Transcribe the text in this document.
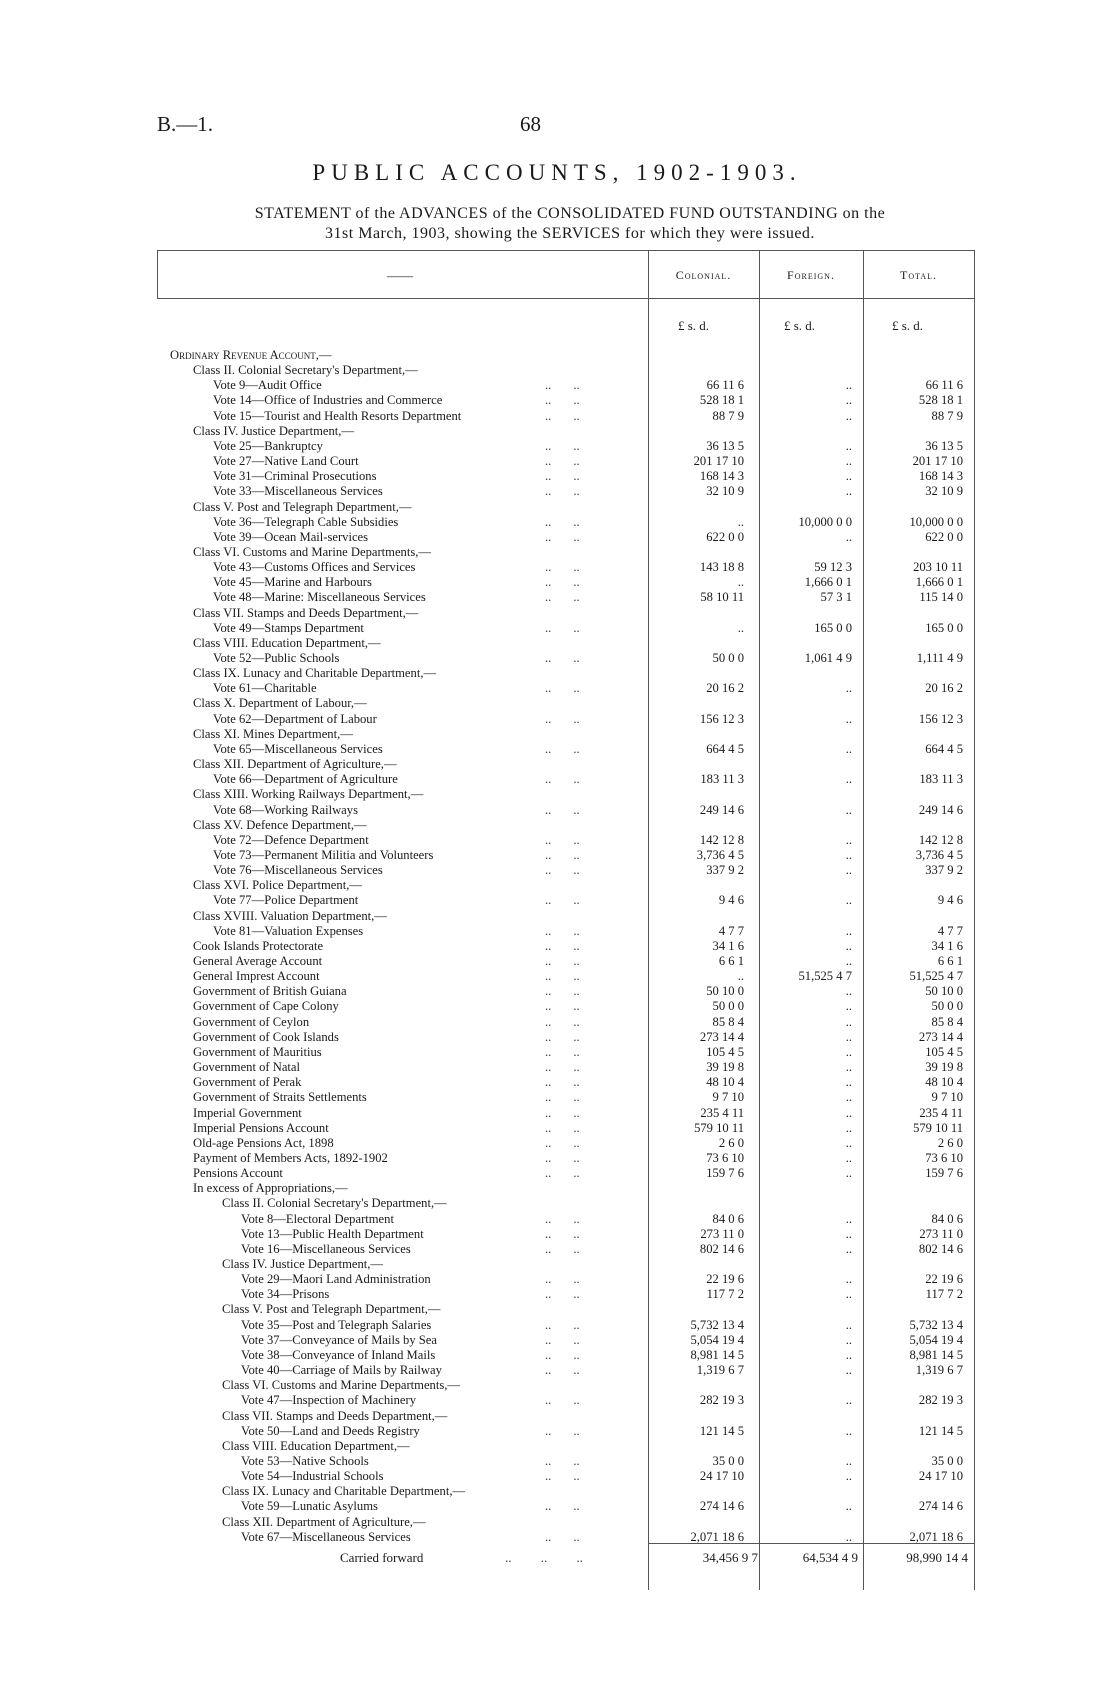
B.—1.	68
PUBLIC ACCOUNTS, 1902-1903.
STATEMENT of the ADVANCES of the CONSOLIDATED FUND OUTSTANDING on the
31st March, 1903, showing the SERVICES for which they were issued.
——	Colonial.	Foreign.	Total.
£ s. d.	£ s. d.	£ s. d.
Ordinary Revenue Account,—
Class II. Colonial Secretary's Department,—
Vote 9—Audit Office	..       ..	66 11 6	..	66 11 6
Vote 14—Office of Industries and Commerce	..       ..	528 18 1	..	528 18 1
Vote 15—Tourist and Health Resorts Department	..       ..	88 7 9	..	88 7 9
Class IV. Justice Department,—
Vote 25—Bankruptcy	..       ..	36 13 5	..	36 13 5
Vote 27—Native Land Court	..       ..	201 17 10	..	201 17 10
Vote 31—Criminal Prosecutions	..       ..	168 14 3	..	168 14 3
Vote 33—Miscellaneous Services	..       ..	32 10 9	..	32 10 9
Class V. Post and Telegraph Department,—
Vote 36—Telegraph Cable Subsidies	..       ..	..	10,000 0 0	10,000 0 0
Vote 39—Ocean Mail-services	..       ..	622 0 0	..	622 0 0
Class VI. Customs and Marine Departments,—
Vote 43—Customs Offices and Services	..       ..	143 18 8	59 12 3	203 10 11
Vote 45—Marine and Harbours	..       ..	..	1,666 0 1	1,666 0 1
Vote 48—Marine: Miscellaneous Services	..       ..	58 10 11	57 3 1	115 14 0
Class VII. Stamps and Deeds Department,—
Vote 49—Stamps Department	..       ..	..	165 0 0	165 0 0
Class VIII. Education Department,—
Vote 52—Public Schools	..       ..	50 0 0	1,061 4 9	1,111 4 9
Class IX. Lunacy and Charitable Department,—
Vote 61—Charitable	..       ..	20 16 2	..	20 16 2
Class X. Department of Labour,—
Vote 62—Department of Labour	..       ..	156 12 3	..	156 12 3
Class XI. Mines Department,—
Vote 65—Miscellaneous Services	..       ..	664 4 5	..	664 4 5
Class XII. Department of Agriculture,—
Vote 66—Department of Agriculture	..       ..	183 11 3	..	183 11 3
Class XIII. Working Railways Department,—
Vote 68—Working Railways	..       ..	249 14 6	..	249 14 6
Class XV. Defence Department,—
Vote 72—Defence Department	..       ..	142 12 8	..	142 12 8
Vote 73—Permanent Militia and Volunteers	..       ..	3,736 4 5	..	3,736 4 5
Vote 76—Miscellaneous Services	..       ..	337 9 2	..	337 9 2
Class XVI. Police Department,—
Vote 77—Police Department	..       ..	9 4 6	..	9 4 6
Class XVIII. Valuation Department,—
Vote 81—Valuation Expenses	..       ..	4 7 7	..	4 7 7
Cook Islands Protectorate	..       ..	34 1 6	..	34 1 6
General Average Account	..       ..	6 6 1	..	6 6 1
General Imprest Account	..       ..	..	51,525 4 7	51,525 4 7
Government of British Guiana	..       ..	50 10 0	..	50 10 0
Government of Cape Colony	..       ..	50 0 0	..	50 0 0
Government of Ceylon	..       ..	85 8 4	..	85 8 4
Government of Cook Islands	..       ..	273 14 4	..	273 14 4
Government of Mauritius	..       ..	105 4 5	..	105 4 5
Government of Natal	..       ..	39 19 8	..	39 19 8
Government of Perak	..       ..	48 10 4	..	48 10 4
Government of Straits Settlements	..       ..	9 7 10	..	9 7 10
Imperial Government	..       ..	235 4 11	..	235 4 11
Imperial Pensions Account	..       ..	579 10 11	..	579 10 11
Old-age Pensions Act, 1898	..       ..	2 6 0	..	2 6 0
Payment of Members Acts, 1892-1902	..       ..	73 6 10	..	73 6 10
Pensions Account	..       ..	159 7 6	..	159 7 6
In excess of Appropriations,—
Class II. Colonial Secretary's Department,—
Vote 8—Electoral Department	..       ..	84 0 6	..	84 0 6
Vote 13—Public Health Department	..       ..	273 11 0	..	273 11 0
Vote 16—Miscellaneous Services	..       ..	802 14 6	..	802 14 6
Class IV. Justice Department,—
Vote 29—Maori Land Administration	..       ..	22 19 6	..	22 19 6
Vote 34—Prisons	..       ..	117 7 2	..	117 7 2
Class V. Post and Telegraph Department,—
Vote 35—Post and Telegraph Salaries	..       ..	5,732 13 4	..	5,732 13 4
Vote 37—Conveyance of Mails by Sea	..       ..	5,054 19 4	..	5,054 19 4
Vote 38—Conveyance of Inland Mails	..       ..	8,981 14 5	..	8,981 14 5
Vote 40—Carriage of Mails by Railway	..       ..	1,319 6 7	..	1,319 6 7
Class VI. Customs and Marine Departments,—
Vote 47—Inspection of Machinery	..       ..	282 19 3	..	282 19 3
Class VII. Stamps and Deeds Department,—
Vote 50—Land and Deeds Registry	..       ..	121 14 5	..	121 14 5
Class VIII. Education Department,—
Vote 53—Native Schools	..       ..	35 0 0	..	35 0 0
Vote 54—Industrial Schools	..       ..	24 17 10	..	24 17 10
Class IX. Lunacy and Charitable Department,—
Vote 59—Lunatic Asylums	..       ..	274 14 6	..	274 14 6
Class XII. Department of Agriculture,—
Vote 67—Miscellaneous Services	..       ..	2,071 18 6	..	2,071 18 6
Carried forward	..         ..         ..	34,456 9 7	64,534 4 9	98,990 14 4
